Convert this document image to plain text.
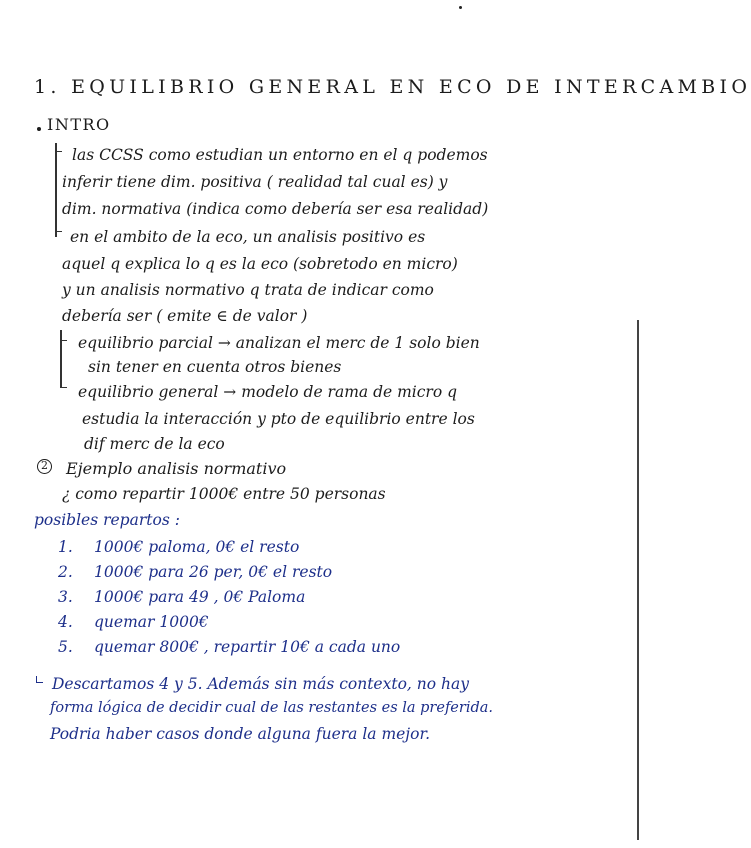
1. EQUILIBRIO GENERAL EN ECO DE INTERCAMBIO
INTRO
las CCSS como estudian un entorno en el q podemos
inferir tiene dim. positiva ( realidad tal cual es) y
dim. normativa (indica como debería ser esa realidad)
en el ambito de la eco, un analisis positivo es
aquel q explica lo q es la eco (sobretodo en micro)
y un analisis normativo q trata de indicar como
debería ser ( emite ∈ de valor )
equilibrio parcial → analizan el merc de 1 solo bien
sin tener en cuenta otros bienes
equilibrio general → modelo de rama de micro q
estudia la interacción y pto de equilibrio entre los
dif merc de la eco
2 Ejemplo analisis normativo
¿ como repartir 1000€ entre 50 personas
posibles repartos :
1. 1000€ paloma, 0€ el resto
2. 1000€ para 26 per, 0€ el resto
3. 1000€ para 49 , 0€ Paloma
4. quemar 1000€
5. quemar 800€ , repartir 10€ a cada uno
Descartamos 4 y 5. Además sin más contexto, no hay
forma lógica de decidir cual de las restantes es la preferida.
Podria haber casos donde alguna fuera la mejor.
